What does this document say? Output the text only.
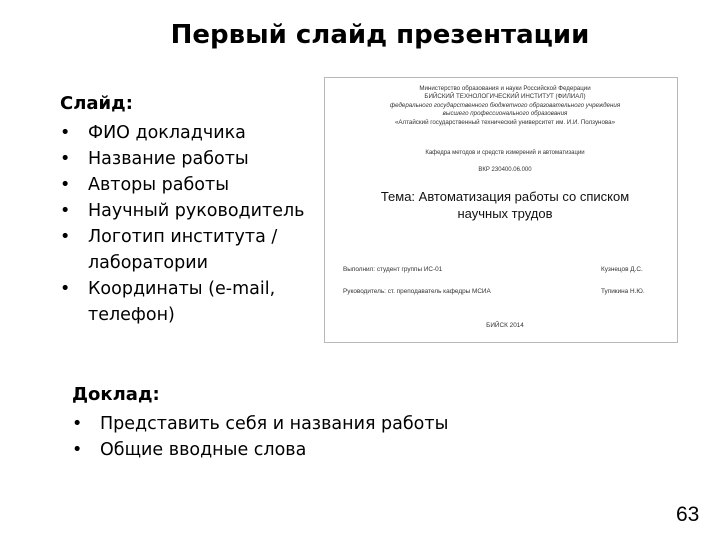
Первый слайд презентации
Слайд:
• ФИО докладчика
• Название работы
• Авторы работы
• Научный руководитель
• Логотип института / лаборатории
• Координаты (e-mail, телефон)
Министерство образования и науки Российской Федерации
БИЙСКИЙ ТЕХНОЛОГИЧЕСКИЙ ИНСТИТУТ (ФИЛИАЛ)
федерального государственного бюджетного образовательного учреждения
высшего профессионального образования
«Алтайский государственный технический университет им. И.И. Ползунова»
Кафедра методов и средств измерений и автоматизации
ВКР 230400.06.000
Тема: Автоматизация работы со списком
научных трудов
Выполнил: студент группы ИС-01	Кузнецов Д.С.
Руководитель: ст. преподаватель кафедры МСИА	Тупикина Н.Ю.
БИЙСК 2014
Доклад:
• Представить себя и названия работы
• Общие вводные слова
63
